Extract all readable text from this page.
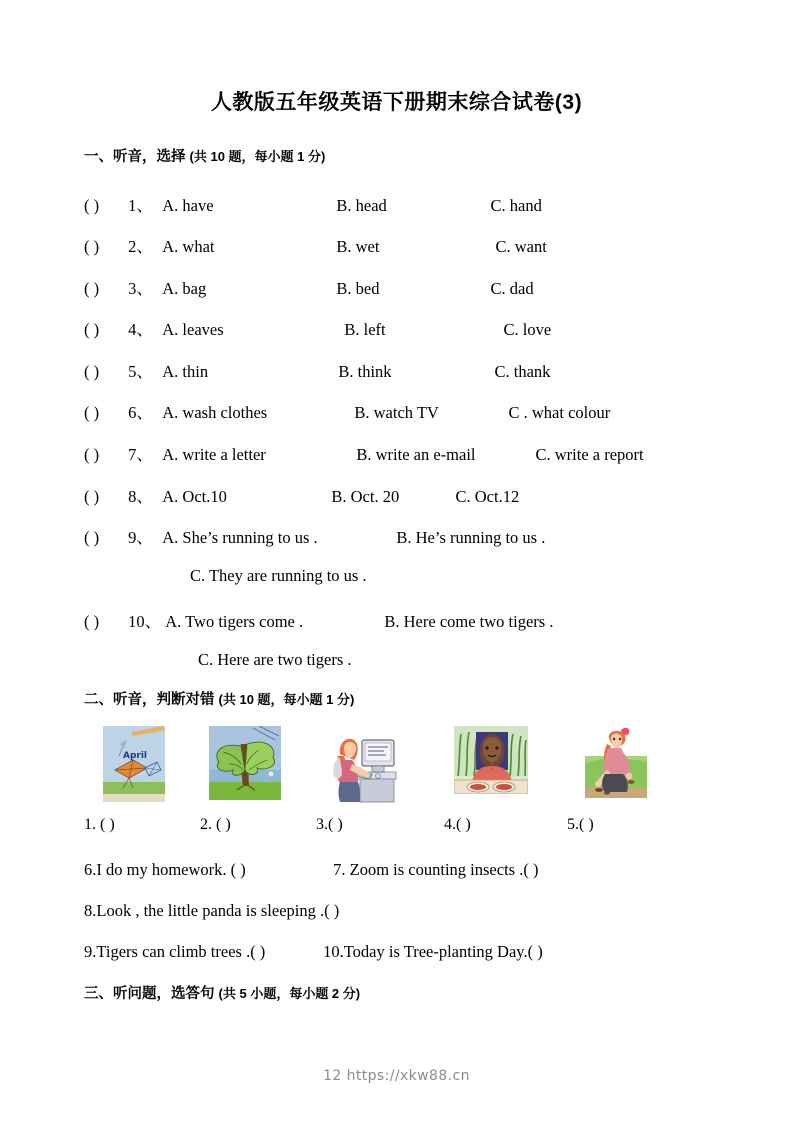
人教版五年级英语下册期末综合试卷(3)
一、听音，选择 (共 10 题，每小题 1 分)
( ) 1、 A. have	B. head	C. hand
( ) 2、 A. what	B. wet	C. want
( ) 3、 A. bag	B. bed	C. dad
( ) 4、 A. leaves	B. left	C. love
( ) 5、 A. thin	B. think	C. thank
( ) 6、 A. wash clothes	B. watch TV	C . what colour
( ) 7、 A. write a letter	B. write an e-mail	C. write a report
( ) 8、 A. Oct.10	B. Oct. 20	C. Oct.12
( ) 9、 A. She’s running to us .	B. He’s running to us .
C. They are running to us .
( ) 10、 A. Two tigers come .	B. Here come two tigers .
C. Here are two tigers .
二、听音，判断对错 (共 10 题，每小题 1 分)
April
1. ( )	2. ( )	3.( )	4.( )	5.( )
6.I do my homework. ( )	7. Zoom is counting insects .( )
8.Look , the little panda is sleeping .( )
9.Tigers can climb trees .( )	10.Today is Tree-planting Day.( )
三、听问题，选答句 (共 5 小题，每小题 2 分)
12 https://xkw88.cn
